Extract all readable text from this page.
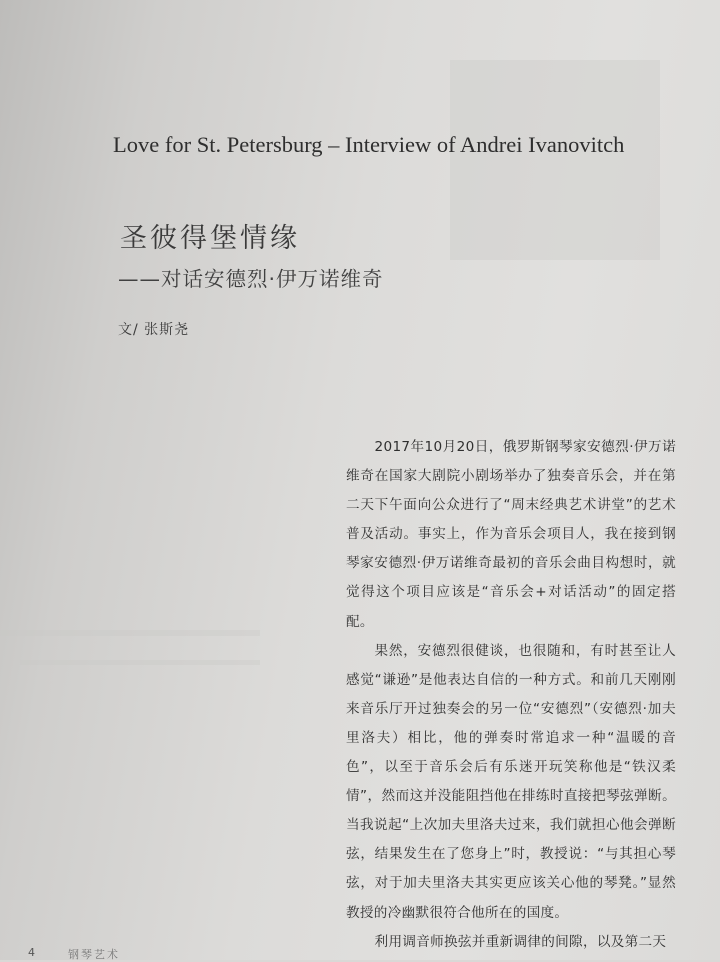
Love for St. Petersburg – Interview of Andrei Ivanovitch
圣彼得堡情缘
——对话安德烈·伊万诺维奇
文/ 张斯尧

2017年10月20日，俄罗斯钢琴家安德烈·伊万诺维奇在国家大剧院小剧场举办了独奏音乐会，并在第二天下午面向公众进行了“周末经典艺术讲堂”的艺术普及活动。事实上，作为音乐会项目人，我在接到钢琴家安德烈·伊万诺维奇最初的音乐会曲目构想时，就觉得这个项目应该是“音乐会+对话活动”的固定搭配。

果然，安德烈很健谈，也很随和，有时甚至让人感觉“谦逊”是他表达自信的一种方式。和前几天刚刚来音乐厅开过独奏会的另一位“安德烈”（安德烈·加夫里洛夫）相比，他的弹奏时常追求一种“温暖的音色”，以至于音乐会后有乐迷开玩笑称他是“铁汉柔情”，然而这并没能阻挡他在排练时直接把琴弦弹断。当我说起“上次加夫里洛夫过来，我们就担心他会弹断弦，结果发生在了您身上”时，教授说：“与其担心琴弦，对于加夫里洛夫其实更应该关心他的琴凳。”显然教授的冷幽默很符合他所在的国度。

利用调音师换弦并重新调律的间隙，以及第二天

4	钢琴艺术
